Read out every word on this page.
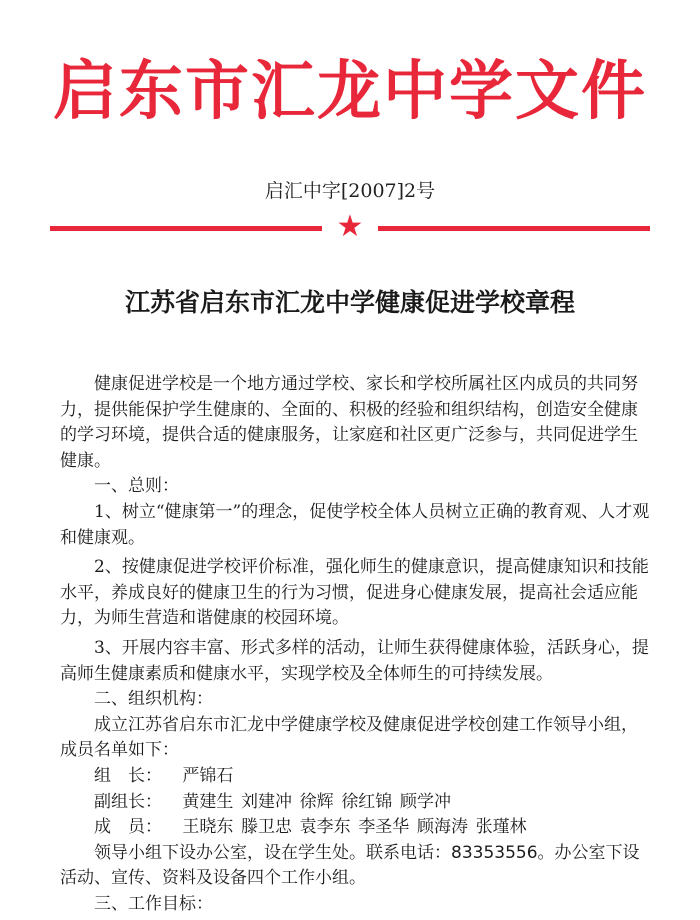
启东市汇龙中学文件
启汇中字[2007]2号
★
江苏省启东市汇龙中学健康促进学校章程

健康促进学校是一个地方通过学校、家长和学校所属社区内成员的共同努力，提供能保护学生健康的、全面的、积极的经验和组织结构，创造安全健康的学习环境，提供合适的健康服务，让家庭和社区更广泛参与，共同促进学生健康。

一、总则：

1、树立“健康第一”的理念，促使学校全体人员树立正确的教育观、人才观和健康观。

2、按健康促进学校评价标准，强化师生的健康意识，提高健康知识和技能水平，养成良好的健康卫生的行为习惯，促进身心健康发展，提高社会适应能力，为师生营造和谐健康的校园环境。

3、开展内容丰富、形式多样的活动，让师生获得健康体验，活跃身心，提高师生健康素质和健康水平，实现学校及全体师生的可持续发展。

二、组织机构：

成立江苏省启东市汇龙中学健康学校及健康促进学校创建工作领导小组，成员名单如下：

组　长： 严锦石

副组长： 黄建生 刘建冲 徐辉 徐红锦 顾学冲

成　员： 王晓东 滕卫忠 袁李东 李圣华 顾海涛 张瑾林

领导小组下设办公室，设在学生处。联系电话：83353556。办公室下设活动、宣传、资料及设备四个工作小组。

三、工作目标：
